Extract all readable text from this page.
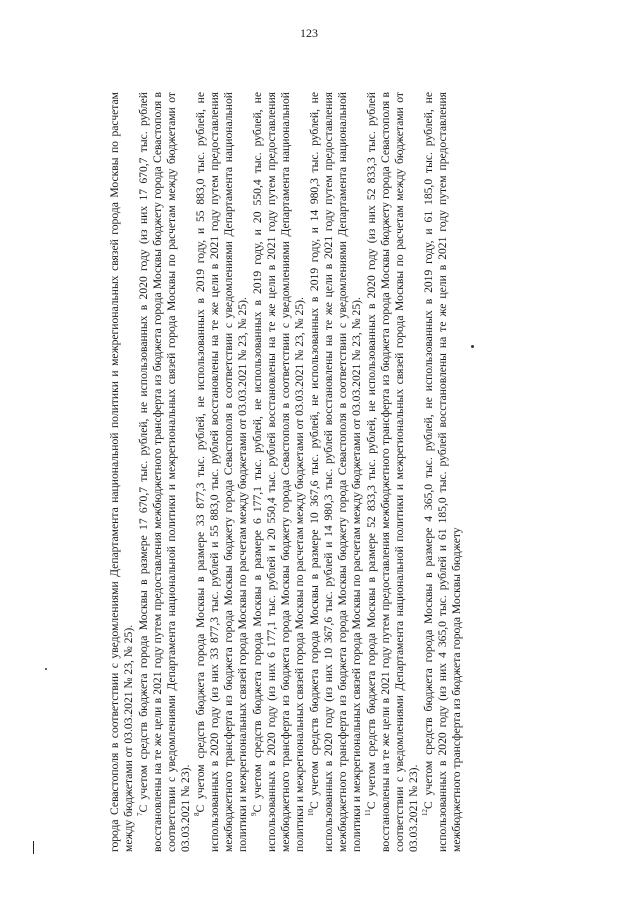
123

города Севастополя в соответствии с уведомлениями Департамента национальной политики и межрегиональных связей города Москвы по расчетам между бюджетами от 03.03.2021 № 23, № 25). $^7$С учетом средств бюджета города Москвы в размере 17 670,7 тыс. рублей, не использованных в 2020 году (из них 17 670,7 тыс. рублей восстановлены на те же цели в 2021 году путем предоставления межбюджетного трансферта из бюджета города Москвы бюджету города Севастополя в соответствии с уведомлениями Департамента национальной политики и межрегиональных связей города Москвы по расчетам между бюджетами от 03.03.2021 № 23). $^8$С учетом средств бюджета города Москвы в размере 33 877,3 тыс. рублей, не использованных в 2019 году, и 55 883,0 тыс. рублей, не использованных в 2020 году (из них 33 877,3 тыс. рублей и 55 883,0 тыс. рублей восстановлены на те же цели в 2021 году путем предоставления межбюджетного трансферта из бюджета города Москвы бюджету города Севастополя в соответствии с уведомлениями Департамента национальной политики и межрегиональных связей города Москвы по расчетам между бюджетами от 03.03.2021 № 23, № 25). $^9$С учетом средств бюджета города Москвы в размере 6 177,1 тыс. рублей, не использованных в 2019 году, и 20 550,4 тыс. рублей, не использованных в 2020 году (из них 6 177,1 тыс. рублей и 20 550,4 тыс. рублей восстановлены на те же цели в 2021 году путем предоставления межбюджетного трансферта из бюджета города Москвы бюджету города Севастополя в соответствии с уведомлениями Департамента национальной политики и межрегиональных связей города Москвы по расчетам между бюджетами от 03.03.2021 № 23, № 25). $^{10}$С учетом средств бюджета города Москвы в размере 10 367,6 тыс. рублей, не использованных в 2019 году, и 14 980,3 тыс. рублей, не использованных в 2020 году (из них 10 367,6 тыс. рублей и 14 980,3 тыс. рублей восстановлены на те же цели в 2021 году путем предоставления межбюджетного трансферта из бюджета города Москвы бюджету города Севастополя в соответствии с уведомлениями Департамента национальной политики и межрегиональных связей города Москвы по расчетам между бюджетами от 03.03.2021 № 23, № 25). $^{11}$С учетом средств бюджета города Москвы в размере 52 833,3 тыс. рублей, не использованных в 2020 году (из них 52 833,3 тыс. рублей восстановлены на те же цели в 2021 году путем предоставления межбюджетного трансферта из бюджета города Москвы бюджету города Севастополя в соответствии с уведомлениями Департамента национальной политики и межрегиональных связей города Москвы по расчетам между бюджетами от 03.03.2021 № 23). $^{12}$С учетом средств бюджета города Москвы в размере 4 365,0 тыс. рублей, не использованных в 2019 году, и 61 185,0 тыс. рублей, не использованных в 2020 году (из них 4 365,0 тыс. рублей и 61 185,0 тыс. рублей восстановлены на те же цели в 2021 году путем предоставления межбюджетного трансферта из бюджета города Москвы бюджету
